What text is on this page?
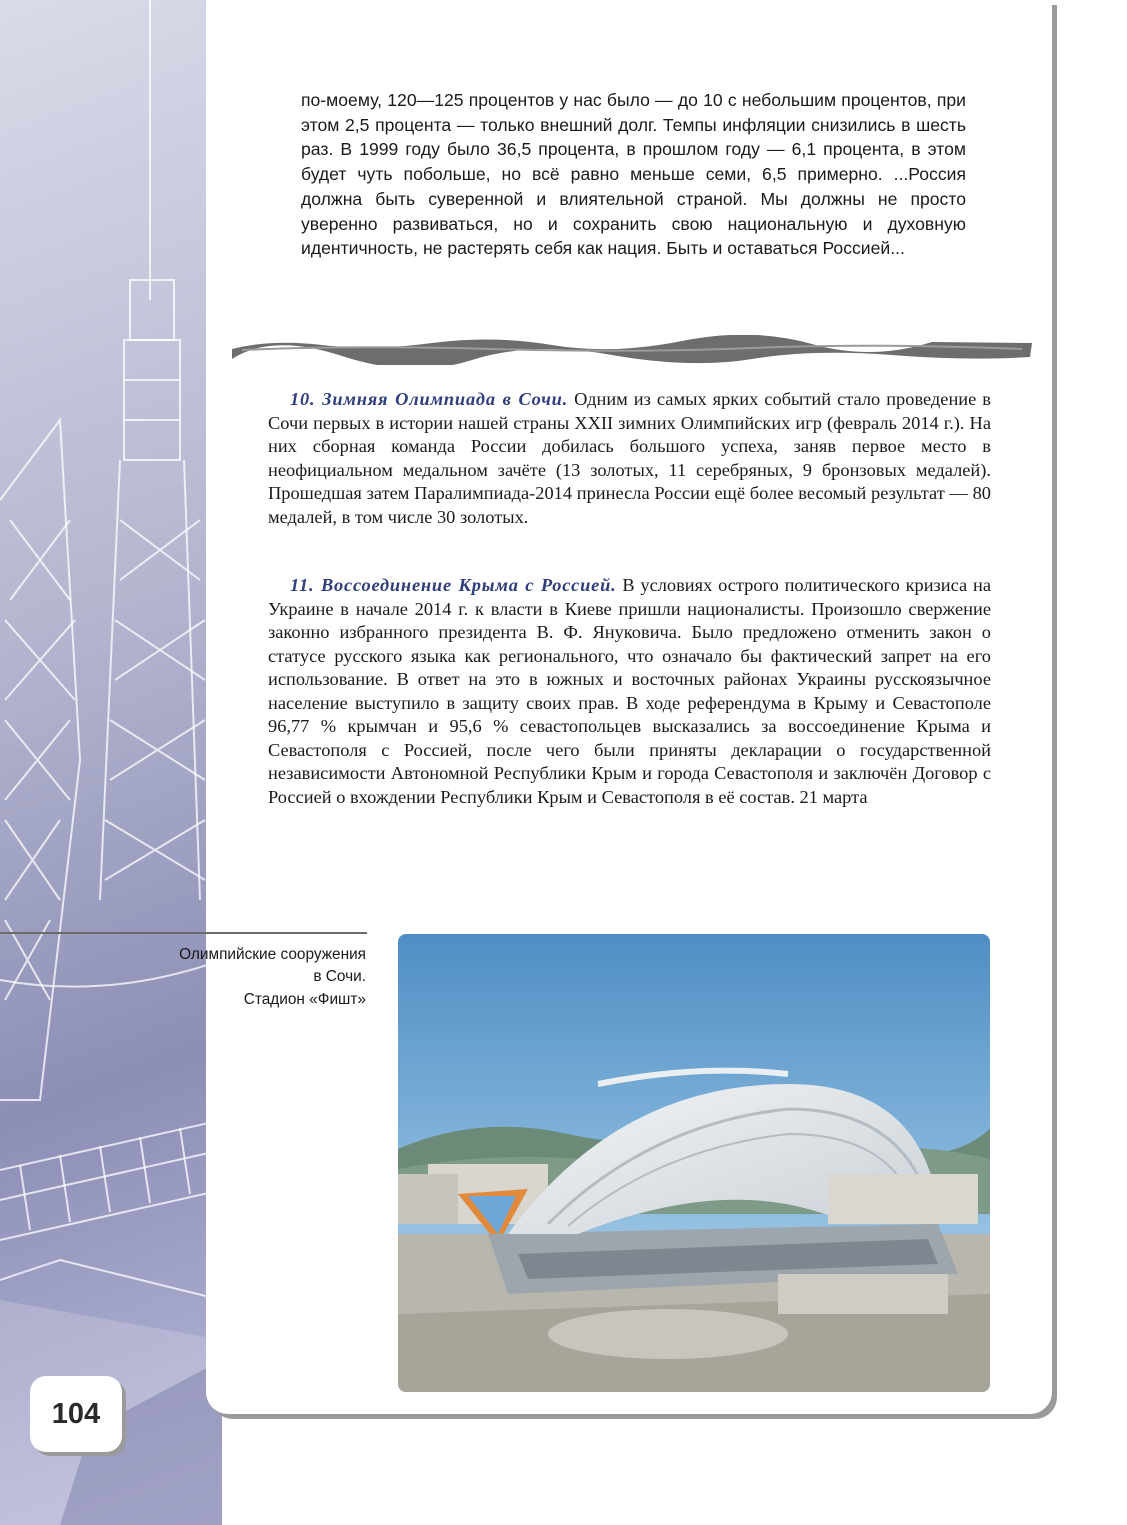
по-моему, 120—125 процентов у нас было — до 10 с небольшим процентов, при этом 2,5 процента — только внешний долг. Темпы инфляции снизились в шесть раз. В 1999 году было 36,5 процента, в прошлом году — 6,1 процента, в этом будет чуть побольше, но всё равно меньше семи, 6,5 примерно. ...Россия должна быть суверенной и влиятельной страной. Мы должны не просто уверенно развиваться, но и сохранить свою национальную и духовную идентичность, не растерять себя как нация. Быть и оставаться Россией...

10. Зимняя Олимпиада в Сочи. Одним из самых ярких событий стало проведение в Сочи первых в истории нашей страны XXII зимних Олимпийских игр (февраль 2014 г.). На них сборная команда России добилась большого успеха, заняв первое место в неофициальном медальном зачёте (13 золотых, 11 серебряных, 9 бронзовых медалей). Прошедшая затем Паралимпиада-2014 принесла России ещё более весомый результат — 80 медалей, в том числе 30 золотых.

11. Воссоединение Крыма с Россией. В условиях острого политического кризиса на Украине в начале 2014 г. к власти в Киеве пришли националисты. Произошло свержение законно избранного президента В. Ф. Януковича. Было предложено отменить закон о статусе русского языка как регионального, что означало бы фактический запрет на его использование. В ответ на это в южных и восточных районах Украины русскоязычное население выступило в защиту своих прав. В ходе референдума в Крыму и Севастополе 96,77 % крымчан и 95,6 % севастопольцев высказались за воссоединение Крыма и Севастополя с Россией, после чего были приняты декларации о государственной независимости Автономной Республики Крым и города Севастополя и заключён Договор с Россией о вхождении Республики Крым и Севастополя в её состав. 21 марта

Олимпийские сооружения
в Сочи.
Стадион «Фишт»

104
